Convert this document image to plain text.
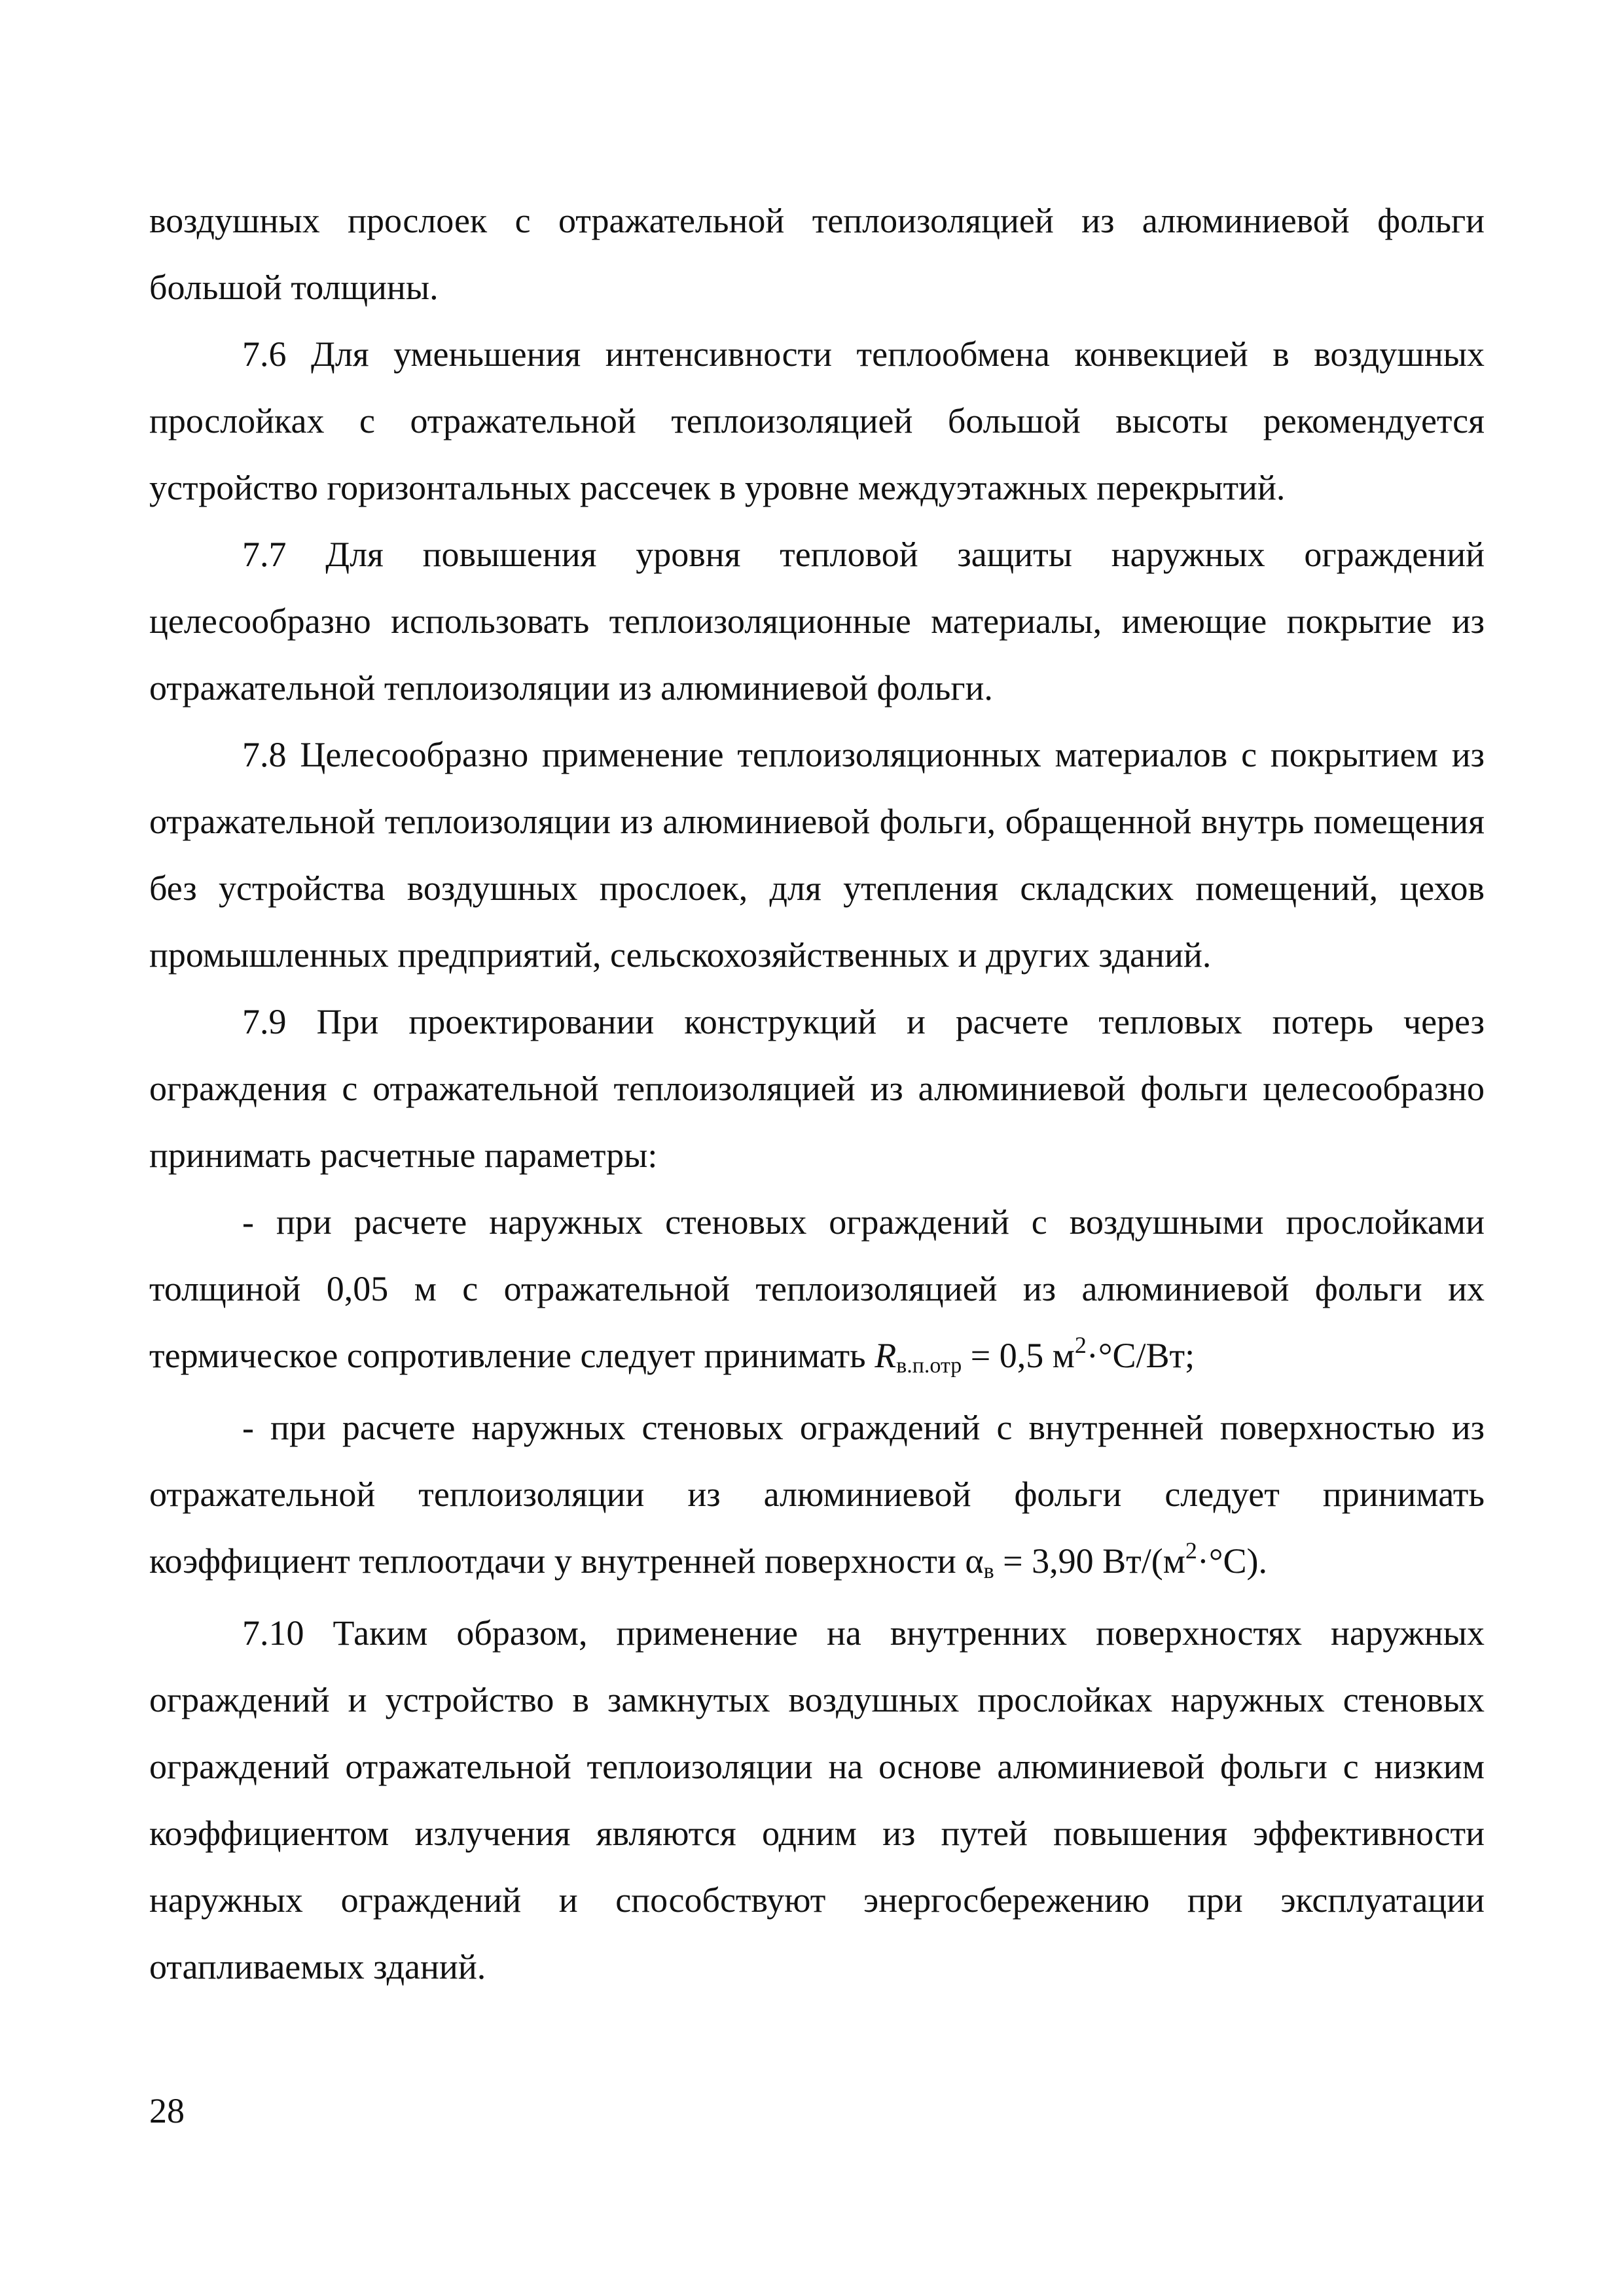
воздушных прослоек с отражательной теплоизоляцией из алюминиевой фольги большой толщины.

7.6 Для уменьшения интенсивности теплообмена конвекцией в воздушных прослойках с отражательной теплоизоляцией большой высоты рекомендуется устройство горизонтальных рассечек в уровне междуэтажных перекрытий.

7.7 Для повышения уровня тепловой защиты наружных ограждений целесообразно использовать теплоизоляционные материалы, имеющие покрытие из отражательной теплоизоляции из алюминиевой фольги.

7.8 Целесообразно применение теплоизоляционных материалов с покрытием из отражательной теплоизоляции из алюминиевой фольги, обращенной внутрь помещения без устройства воздушных прослоек, для утепления складских помещений, цехов промышленных предприятий, сельскохозяйственных и других зданий.

7.9 При проектировании конструкций и расчете тепловых потерь через ограждения с отражательной теплоизоляцией из алюминиевой фольги целесообразно принимать расчетные параметры:

- при расчете наружных стеновых ограждений с воздушными прослойками толщиной 0,05 м с отражательной теплоизоляцией из алюминиевой фольги их термическое сопротивление следует принимать Rв.п.отр = 0,5 $м^2\cdot^\circ С/Вт$;

- при расчете наружных стеновых ограждений с внутренней поверхностью из отражательной теплоизоляции из алюминиевой фольги следует принимать коэффициент теплоотдачи у внутренней поверхности αв = 3,90 $Вт/(м^2\cdot^\circ С)$.

7.10 Таким образом, применение на внутренних поверхностях наружных ограждений и устройство в замкнутых воздушных прослойках наружных стеновых ограждений отражательной теплоизоляции на основе алюминиевой фольги с низким коэффициентом излучения являются одним из путей повышения эффективности наружных ограждений и способствуют энергосбережению при эксплуатации отапливаемых зданий.

28
